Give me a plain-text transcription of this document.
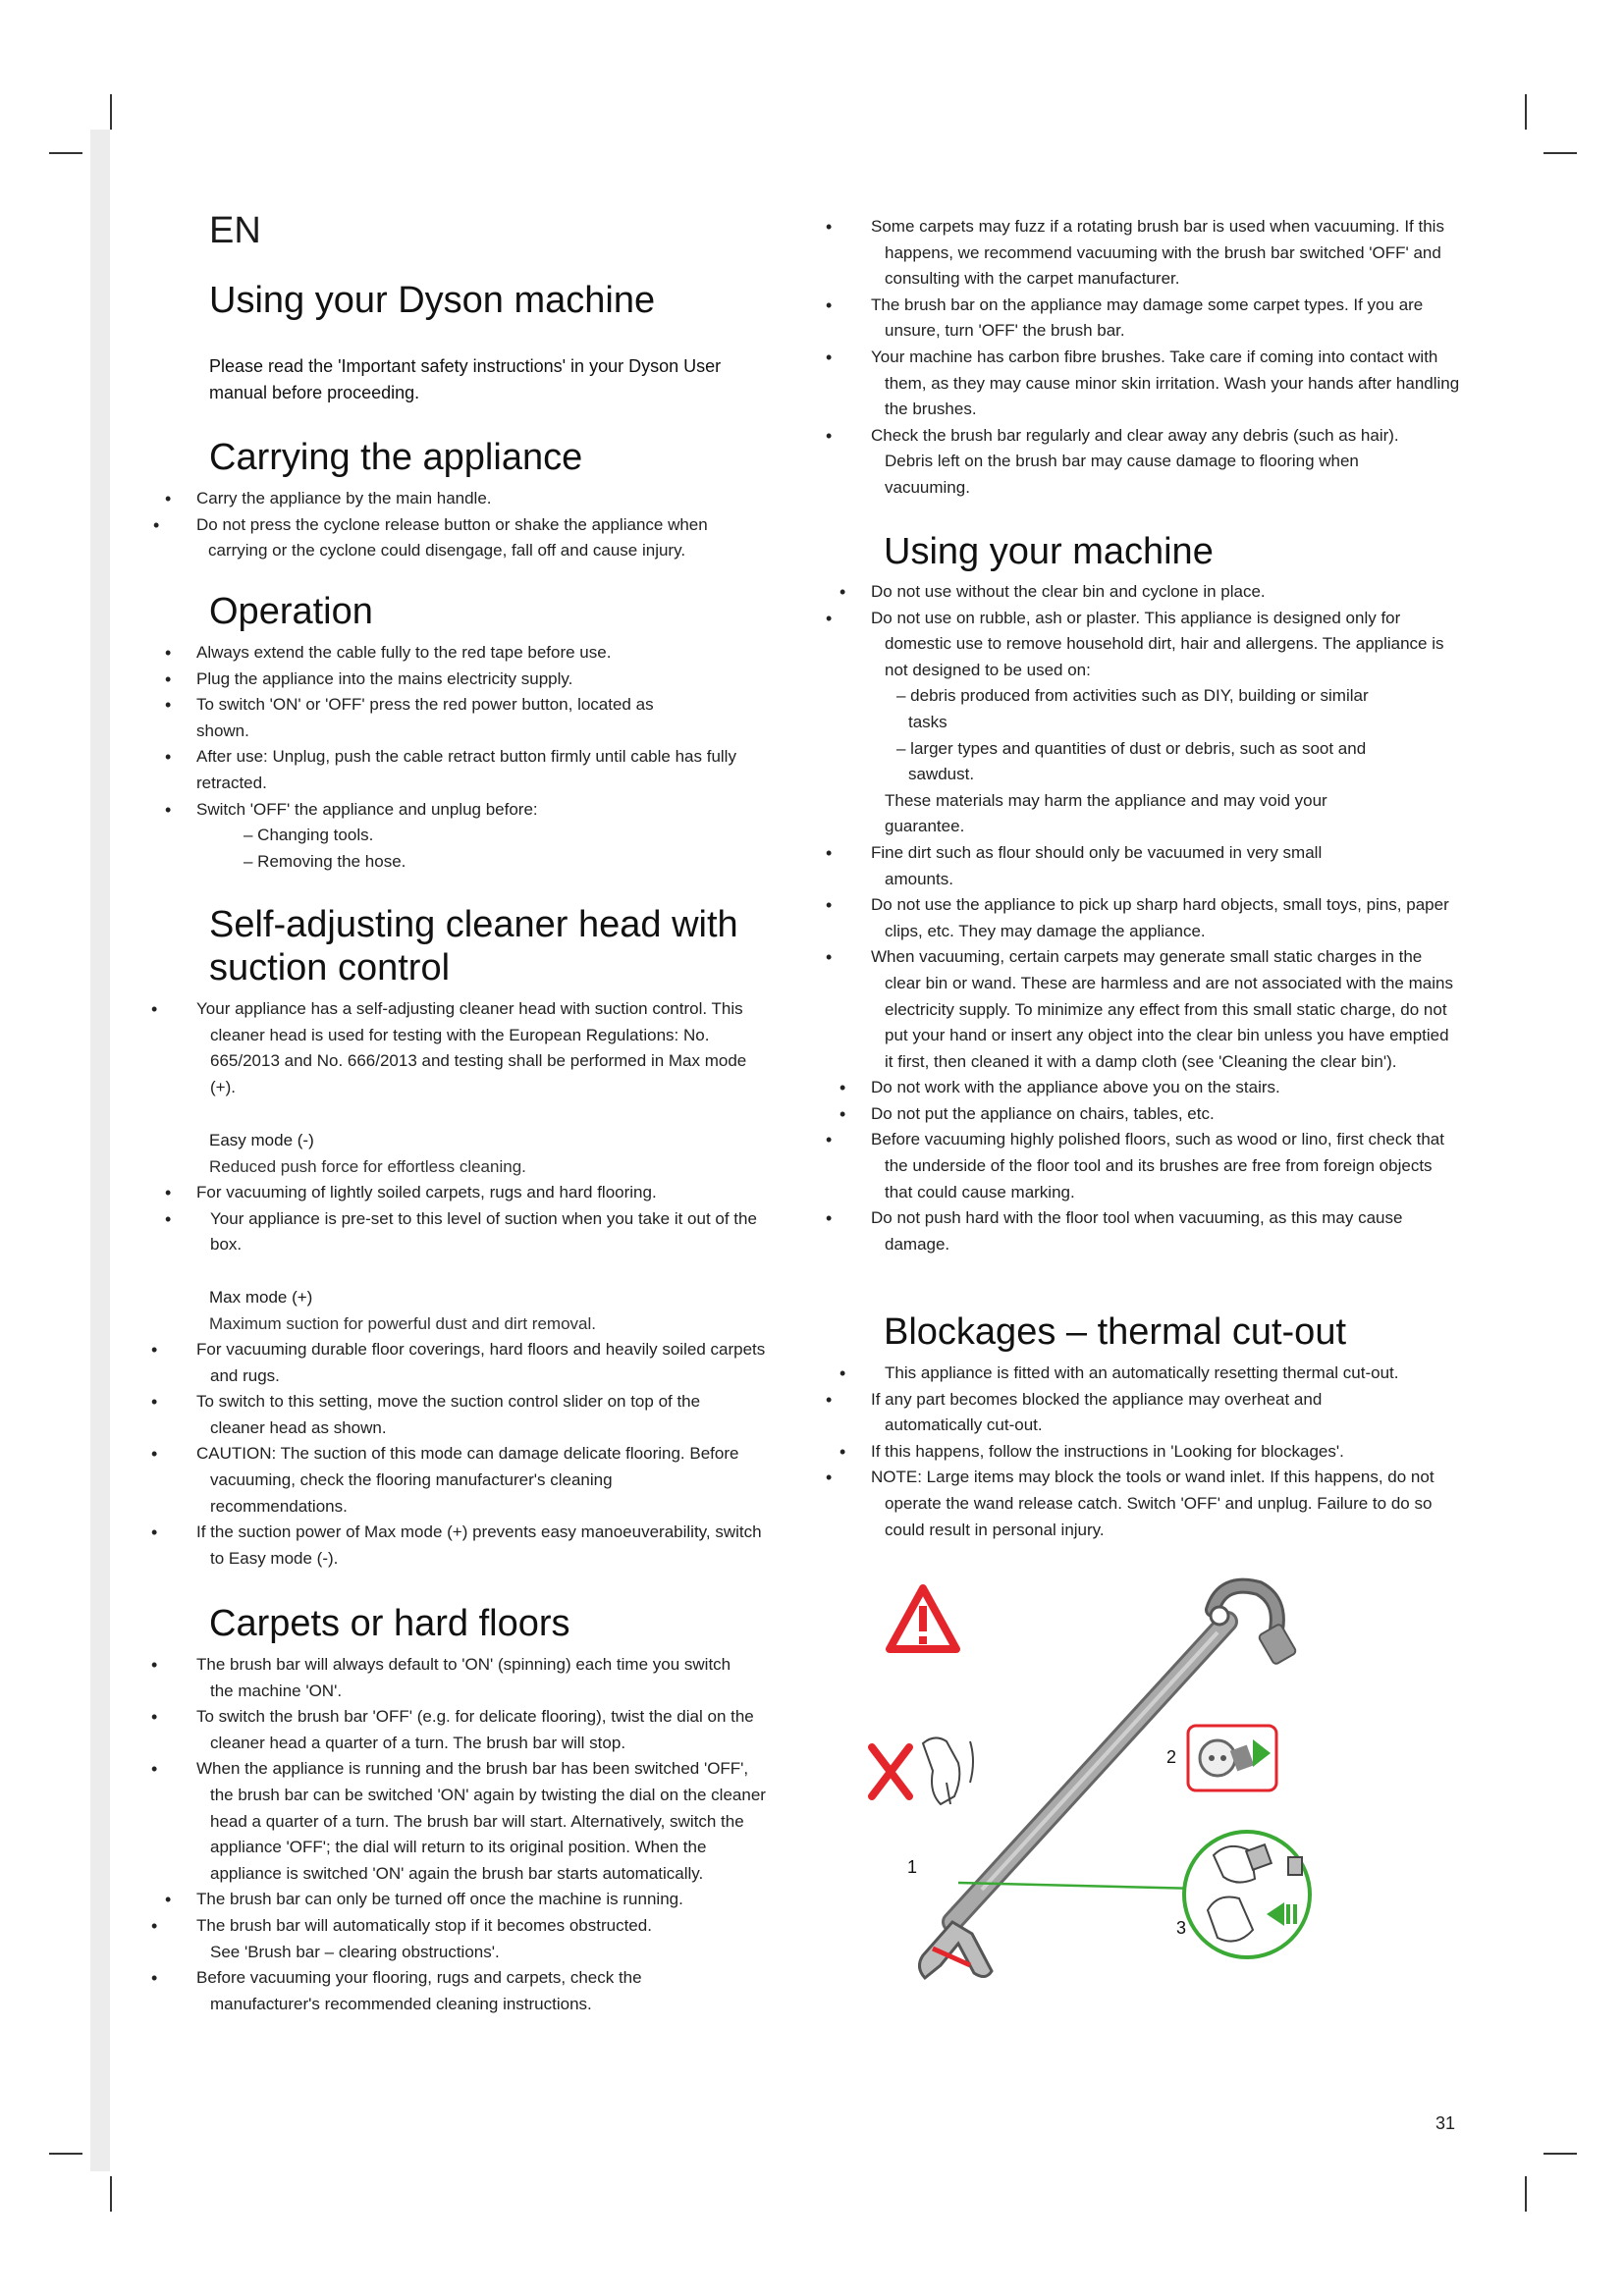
EN
Using your Dyson machine
Please read the 'Important safety instructions' in your Dyson User manual before proceeding.
Carrying the appliance
• Carry the appliance by the main handle.
• Do not press the cyclone release button or shake the appliance when carrying or the cyclone could disengage, fall off and cause injury.
Operation
• Always extend the cable fully to the red tape before use.
• Plug the appliance into the mains electricity supply.
• To switch 'ON' or 'OFF' press the red power button, located as shown.
• After use: Unplug, push the cable retract button firmly until cable has fully retracted.
• Switch 'OFF' the appliance and unplug before:
– Changing tools.
– Removing the hose.
Self-adjusting cleaner head with
suction control
• Your appliance has a self-adjusting cleaner head with suction control. This cleaner head is used for testing with the European Regulations: No. 665/2013 and No. 666/2013 and testing shall be performed in Max mode (+).
Easy mode (-)
Reduced push force for effortless cleaning.
• For vacuuming of lightly soiled carpets, rugs and hard flooring.
• Your appliance is pre-set to this level of suction when you take it out of the box.
Max mode (+)
Maximum suction for powerful dust and dirt removal.
• For vacuuming durable floor coverings, hard floors and heavily soiled carpets and rugs.
• To switch to this setting, move the suction control slider on top of the cleaner head as shown.
• CAUTION: The suction of this mode can damage delicate flooring. Before vacuuming, check the flooring manufacturer's cleaning recommendations.
• If the suction power of Max mode (+) prevents easy manoeuverability, switch to Easy mode (-).
Carpets or hard floors
• The brush bar will always default to 'ON' (spinning) each time you switch the machine 'ON'.
• To switch the brush bar 'OFF' (e.g. for delicate flooring), twist the dial on the cleaner head a quarter of a turn. The brush bar will stop.
• When the appliance is running and the brush bar has been switched 'OFF', the brush bar can be switched 'ON' again by twisting the dial on the cleaner head a quarter of a turn. The brush bar will start. Alternatively, switch the appliance 'OFF'; the dial will return to its original position. When the appliance is switched 'ON' again the brush bar starts automatically.
• The brush bar can only be turned off once the machine is running.
• The brush bar will automatically stop if it becomes obstructed. See 'Brush bar – clearing obstructions'.
• Before vacuuming your flooring, rugs and carpets, check the manufacturer's recommended cleaning instructions.
• Some carpets may fuzz if a rotating brush bar is used when vacuuming. If this happens, we recommend vacuuming with the brush bar switched 'OFF' and consulting with the carpet manufacturer.
• The brush bar on the appliance may damage some carpet types. If you are unsure, turn 'OFF' the brush bar.
• Your machine has carbon fibre brushes. Take care if coming into contact with them, as they may cause minor skin irritation. Wash your hands after handling the brushes.
• Check the brush bar regularly and clear away any debris (such as hair). Debris left on the brush bar may cause damage to flooring when vacuuming.
Using your machine
• Do not use without the clear bin and cyclone in place.
• Do not use on rubble, ash or plaster. This appliance is designed only for domestic use to remove household dirt, hair and allergens. The appliance is not designed to be used on:
– debris produced from activities such as DIY, building or similar tasks
– larger types and quantities of dust or debris, such as soot and sawdust.
These materials may harm the appliance and may void your guarantee.
• Fine dirt such as flour should only be vacuumed in very small amounts.
• Do not use the appliance to pick up sharp hard objects, small toys, pins, paper clips, etc. They may damage the appliance.
• When vacuuming, certain carpets may generate small static charges in the clear bin or wand. These are harmless and are not associated with the mains electricity supply. To minimize any effect from this small static charge, do not put your hand or insert any object into the clear bin unless you have emptied it first, then cleaned it with a damp cloth (see 'Cleaning the clear bin').
• Do not work with the appliance above you on the stairs.
• Do not put the appliance on chairs, tables, etc.
• Before vacuuming highly polished floors, such as wood or lino, first check that the underside of the floor tool and its brushes are free from foreign objects that could cause marking.
• Do not push hard with the floor tool when vacuuming, as this may cause damage.
Blockages – thermal cut-out
• This appliance is fitted with an automatically resetting thermal cut-out.
• If any part becomes blocked the appliance may overheat and automatically cut-out.
• If this happens, follow the instructions in 'Looking for blockages'.
• NOTE: Large items may block the tools or wand inlet. If this happens, do not operate the wand release catch. Switch 'OFF' and unplug. Failure to do so could result in personal injury.
1
2
3
31
